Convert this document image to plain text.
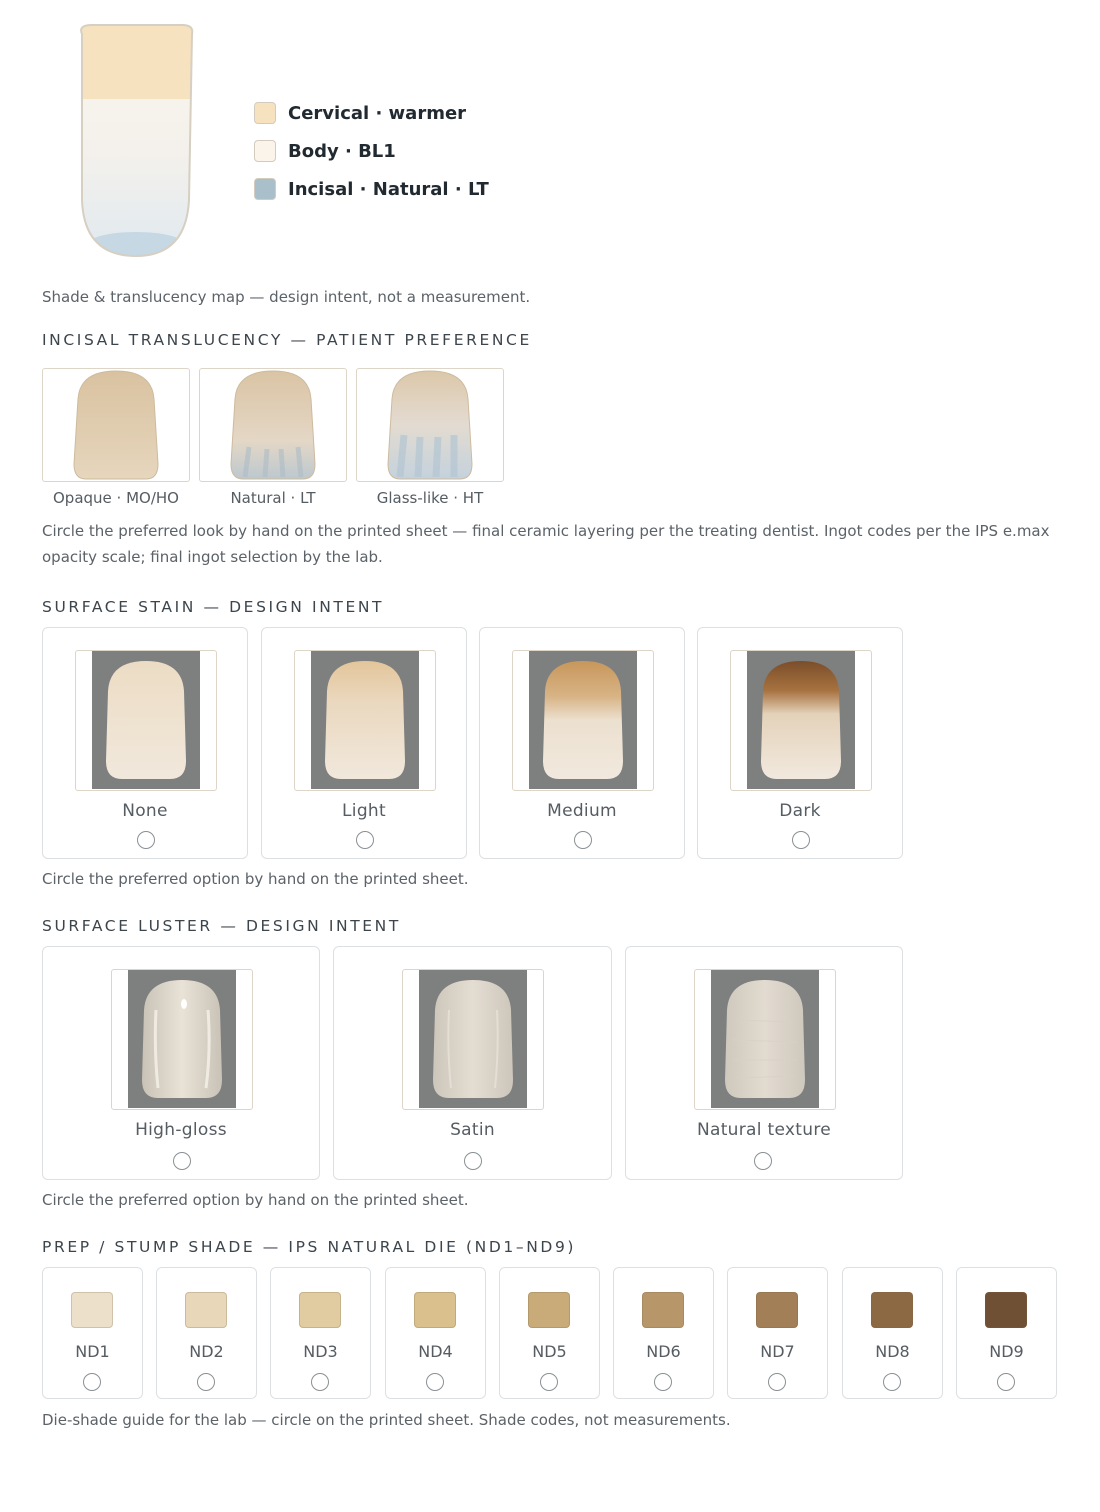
Cervical · warmer
Body · BL1
Incisal · Natural · LT
Shade & translucency map — design intent, not a measurement.
INCISAL TRANSLUCENCY — PATIENT PREFERENCE
Opaque · MO/HO	Natural · LT	Glass-like · HT
Circle the preferred look by hand on the printed sheet — final ceramic layering per the treating dentist. Ingot codes per the IPS e.max opacity scale; final ingot selection by the lab.
SURFACE STAIN — DESIGN INTENT
None	Light	Medium	Dark
Circle the preferred option by hand on the printed sheet.
SURFACE LUSTER — DESIGN INTENT
High-gloss	Satin	Natural texture
Circle the preferred option by hand on the printed sheet.
PREP / STUMP SHADE — IPS NATURAL DIE (ND1–ND9)
ND1	ND2	ND3	ND4	ND5	ND6	ND7	ND8	ND9
Die-shade guide for the lab — circle on the printed sheet. Shade codes, not measurements.
